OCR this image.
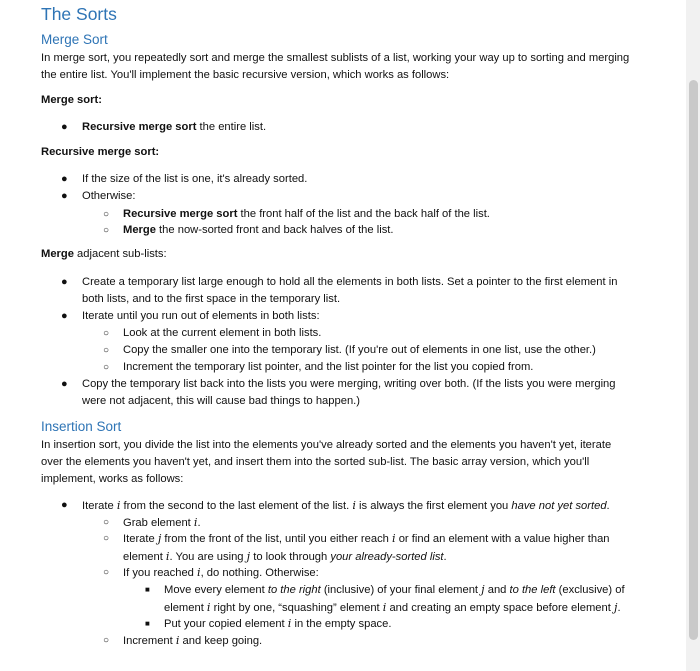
The Sorts
Merge Sort
In merge sort, you repeatedly sort and merge the smallest sublists of a list, working your way up to sorting and merging
the entire list. You'll implement the basic recursive version, which works as follows:
Merge sort:
● Recursive merge sort the entire list.
Recursive merge sort:
● If the size of the list is one, it's already sorted.
● Otherwise:
○ Recursive merge sort the front half of the list and the back half of the list.
○ Merge the now-sorted front and back halves of the list.
Merge adjacent sub-lists:
● Create a temporary list large enough to hold all the elements in both lists. Set a pointer to the first element in
both lists, and to the first space in the temporary list.
● Iterate until you run out of elements in both lists:
○ Look at the current element in both lists.
○ Copy the smaller one into the temporary list. (If you're out of elements in one list, use the other.)
○ Increment the temporary list pointer, and the list pointer for the list you copied from.
● Copy the temporary list back into the lists you were merging, writing over both. (If the lists you were merging
were not adjacent, this will cause bad things to happen.)
Insertion Sort
In insertion sort, you divide the list into the elements you've already sorted and the elements you haven't yet, iterate
over the elements you haven't yet, and insert them into the sorted sub-list. The basic array version, which you'll
implement, works as follows:
● Iterate i from the second to the last element of the list. i is always the first element you have not yet sorted.
○ Grab element i.
○ Iterate j from the front of the list, until you either reach i or find an element with a value higher than
element i. You are using j to look through your already-sorted list.
○ If you reached i, do nothing. Otherwise:
■ Move every element to the right (inclusive) of your final element j and to the left (exclusive) of
element i right by one, “squashing” element i and creating an empty space before element j.
■ Put your copied element i in the empty space.
○ Increment i and keep going.
